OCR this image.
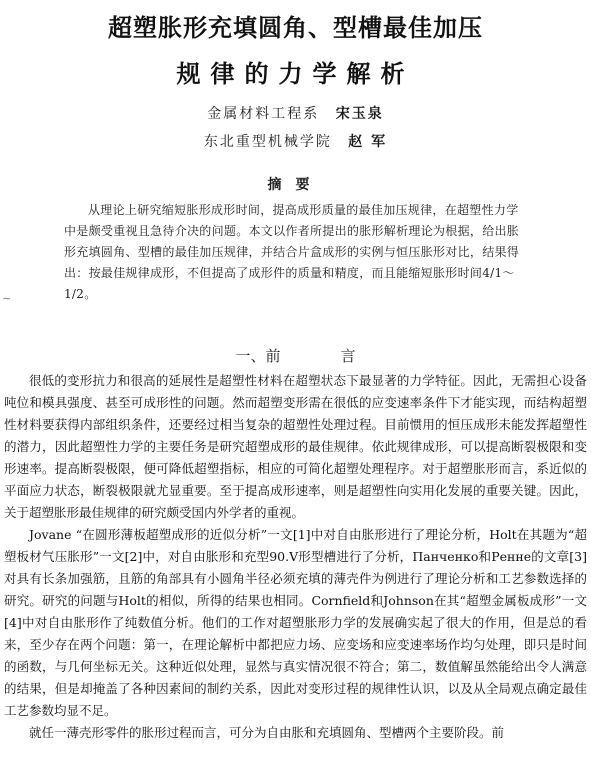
超塑胀形充填圆角、型槽最佳加压
规律的力学解析
金属材料工程系 宋玉泉
东北重型机械学院 赵 军
摘要

从理论上研究缩短胀形成形时间，提高成形质量的最佳加压规律，在超塑性力学中是颇受重视且急待介决的问题。本文以作者所提出的胀形解析理论为根据，给出胀形充填圆角、型槽的最佳加压规律，并结合片盒成形的实例与恒压胀形对比，结果得出：按最佳规律成形，不但提高了成形件的质量和精度，而且能缩短胀形时间4/1～1/2。

∼
一、前	言

很低的变形抗力和很高的延展性是超塑性材料在超塑状态下最显著的力学特征。因此，无需担心设备吨位和模具强度、甚至可成形性的问题。然而超塑变形需在很低的应变速率条件下才能实现，而结构超塑性材料要获得内部组织条件，还要经过相当复杂的超塑性处理过程。目前惯用的恒压成形未能发挥超塑性的潜力，因此超塑性力学的主要任务是研究超塑成形的最佳规律。依此规律成形，可以提高断裂极限和变形速率。提高断裂极限，便可降低超塑指标，相应的可简化超塑处理程序。对于超塑胀形而言，系近似的平面应力状态，断裂极限就尤显重要。至于提高成形速率，则是超塑性向实用化发展的重要关键。因此，关于超塑胀形最佳规律的研究颇受国内外学者的重视。

Jovane “在圆形薄板超塑成形的近似分析”一文[1]中对自由胀形进行了理论分析，Holt在其题为“超塑板材气压胀形”一文[2]中，对自由胀形和充型90.V形型槽进行了分析，Панченко和Ренне的文章[3]对具有长条加强筋，且筋的角部具有小圆角半径必须充填的薄壳件为例进行了理论分析和工艺参数选择的研究。研究的问题与Holt的相似，所得的结果也相同。Cornfield和Johnson在其“超塑金属板成形”一文[4]中对自由胀形作了纯数值分析。他们的工作对超塑胀形力学的发展确实起了很大的作用，但是总的看来，至少存在两个问题：第一，在理论解析中都把应力场、应变场和应变速率场作均匀处理，即只是时间的函数，与几何坐标无关。这种近似处理，显然与真实情况很不符合；第二，数值解虽然能给出令人满意的结果，但是却掩盖了各种因素间的制约关系，因此对变形过程的规律性认识，以及从全局观点确定最佳工艺参数均显不足。

就任一薄壳形零件的胀形过程而言，可分为自由胀和充填圆角、型槽两个主要阶段。前
